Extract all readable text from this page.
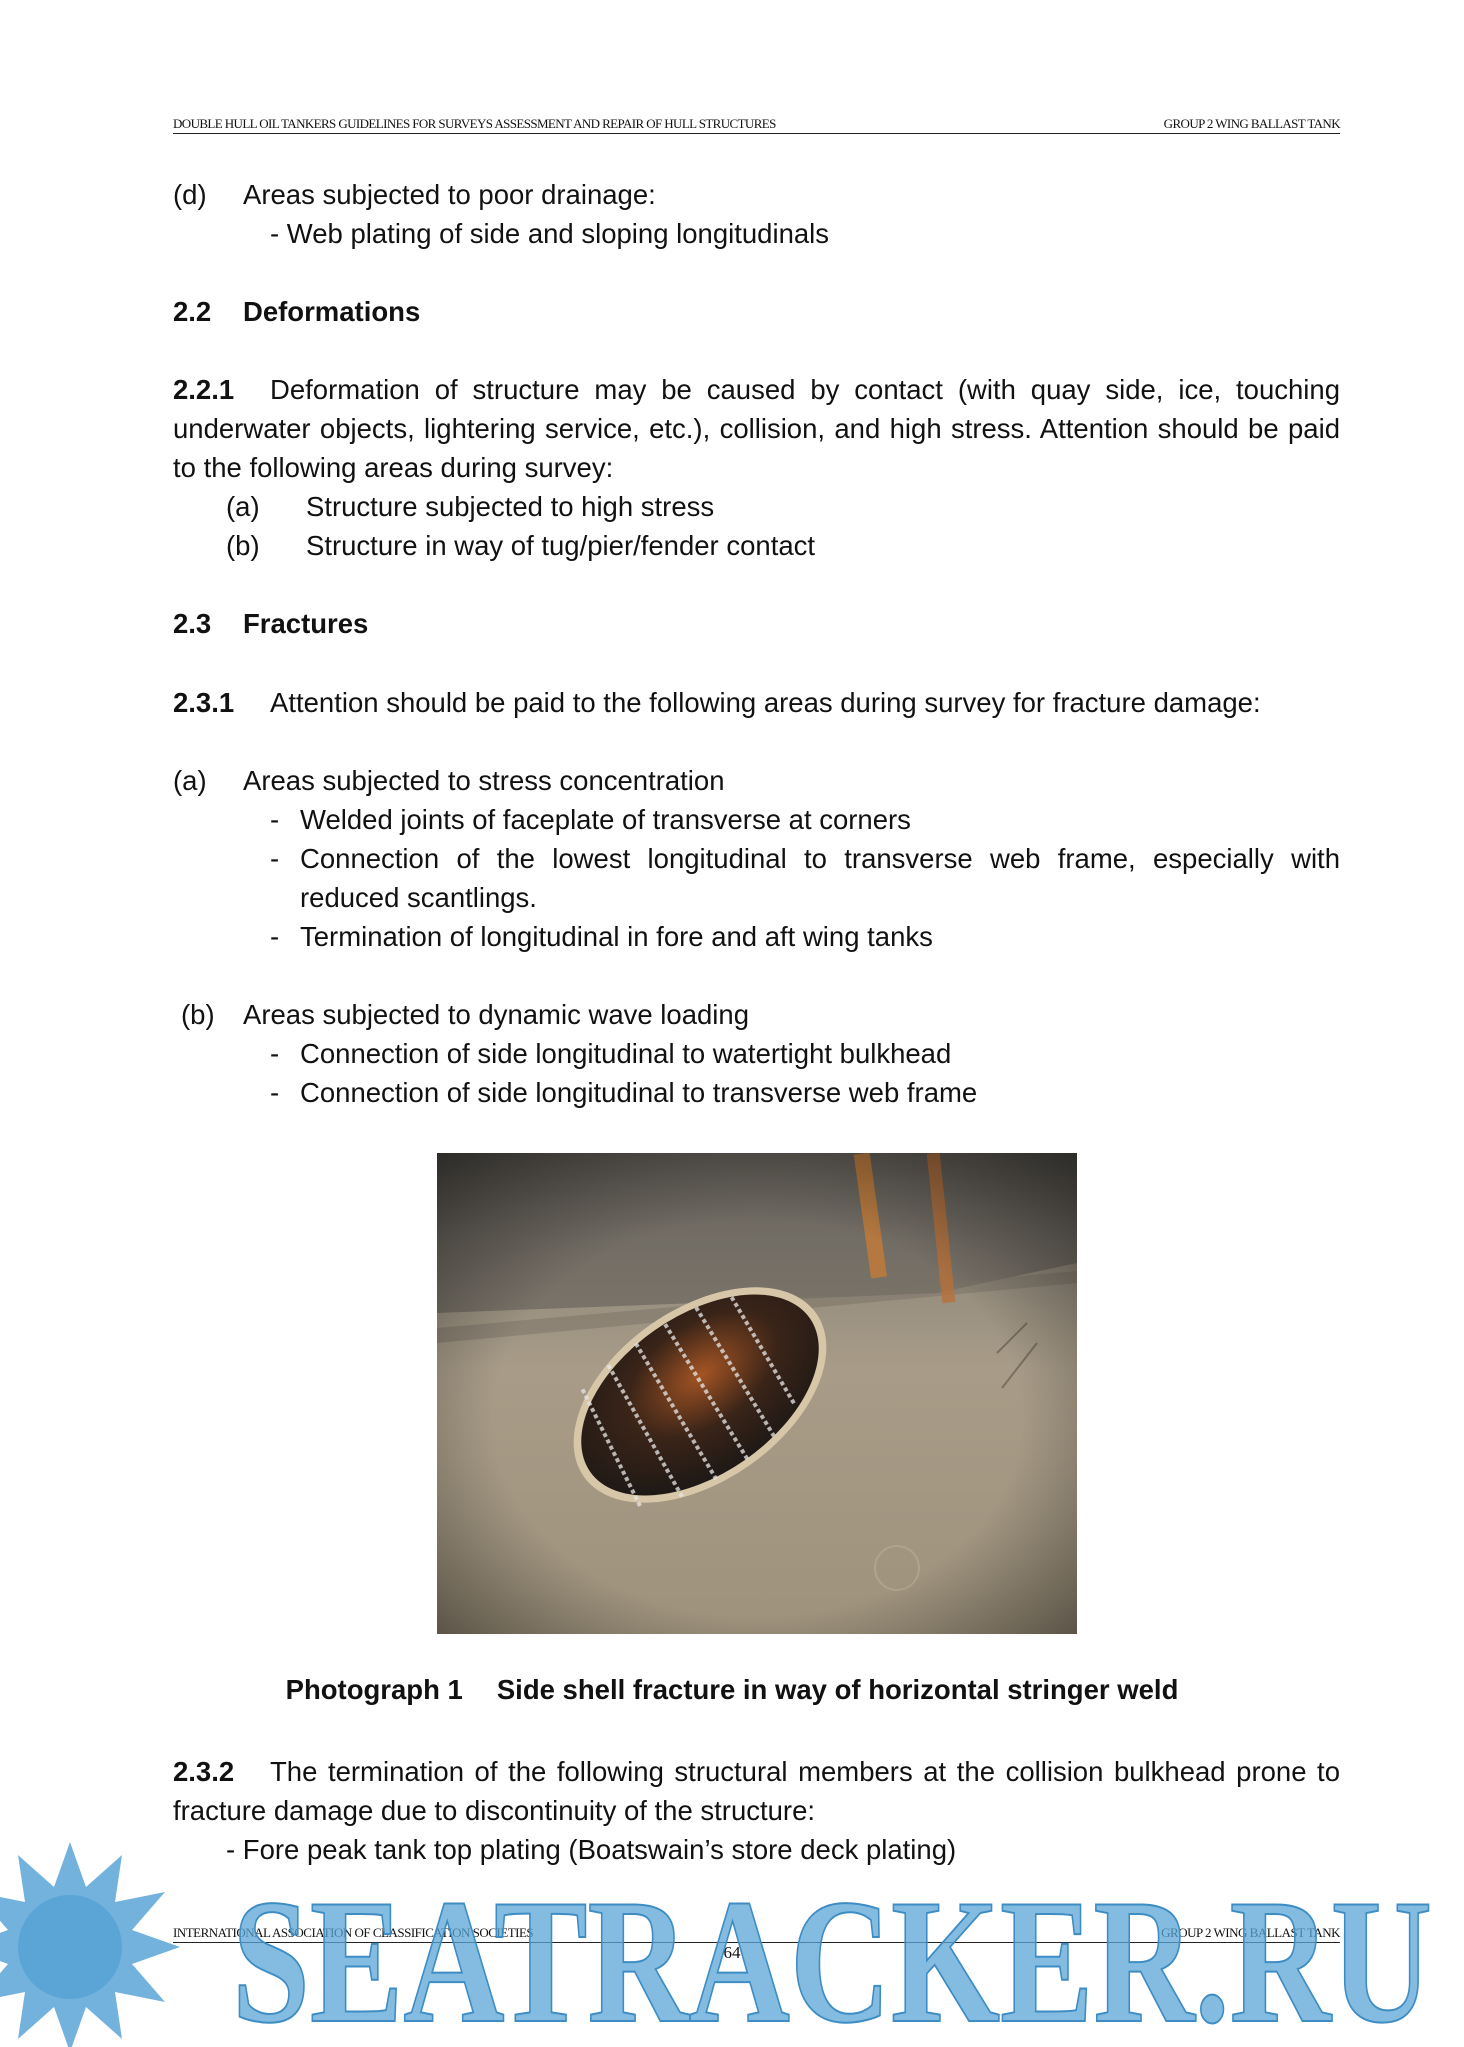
DOUBLE HULL OIL TANKERS GUIDELINES FOR SURVEYS ASSESSMENT AND REPAIR OF HULL STRUCTURES	GROUP 2 WING BALLAST TANK
(d) Areas subjected to poor drainage:
- Web plating of side and sloping longitudinals
2.2 Deformations
2.2.1 Deformation of structure may be caused by contact (with quay side, ice, touching underwater objects, lightering service, etc.), collision, and high stress. Attention should be paid to the following areas during survey:
(a) Structure subjected to high stress
(b) Structure in way of tug/pier/fender contact
2.3 Fractures
2.3.1 Attention should be paid to the following areas during survey for fracture damage:
(a) Areas subjected to stress concentration
- Welded joints of faceplate of transverse at corners
- Connection of the lowest longitudinal to transverse web frame, especially with reduced scantlings.
- Termination of longitudinal in fore and aft wing tanks
(b) Areas subjected to dynamic wave loading
- Connection of side longitudinal to watertight bulkhead
- Connection of side longitudinal to transverse web frame
Photograph 1 Side shell fracture in way of horizontal stringer weld
2.3.2 The termination of the following structural members at the collision bulkhead prone to fracture damage due to discontinuity of the structure:
- Fore peak tank top plating (Boatswain’s store deck plating)
INTERNATIONAL ASSOCIATION OF CLASSIFICATION SOCIETIES	GROUP 2 WING BALLAST TANK
64
SEATRACKER.RU
